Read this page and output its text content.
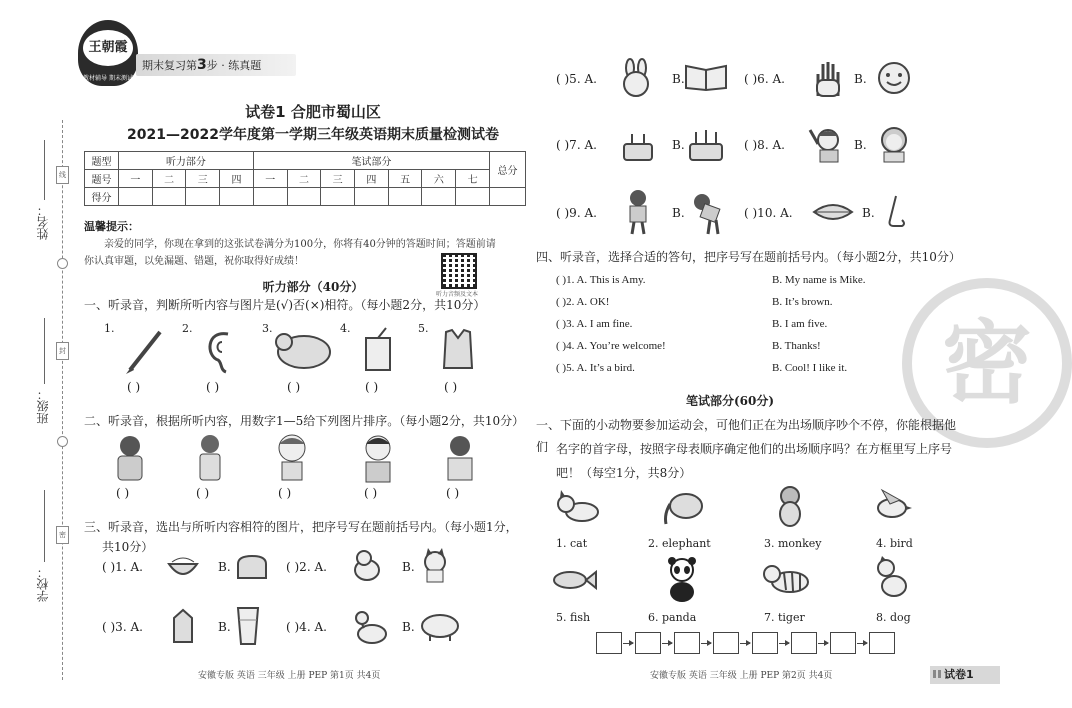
线
封
密
姓名：
班级：
学校：
王朝霞
教材辅导 期末测试
期末复习第3步 · 练真题
试卷1 合肥市蜀山区
2021—2022学年度第一学期三年级英语期末质量检测试卷
题型	听力部分				笔试部分							总分
题号	一	二	三	四	一	二	三	四	五	六	七	
得分												
温馨提示：
亲爱的同学，你现在拿到的这张试卷满分为100分，你将有40分钟的答题时间；答题前请你认真审题，以免漏题、错题，祝你取得好成绩！
听力音频及文本
听力部分（40分）
一、听录音，判断所听内容与图片是(√)否(×)相符。（每小题2分，共10分）
1.	2.	3.	4.	5.
( )	( )	( )	( )	( )
二、听录音，根据所听内容，用数字1—5给下列图片排序。（每小题2分，共10分）
( )	( )	( )	( )	( )
三、听录音，选出与所听内容相符的图片，把序号写在题前括号内。（每小题1分，
共10分）
( )1. A.	B.	( )2. A.	B.
( )3. A.	B.	( )4. A.	B.
( )5. A.	B.	( )6. A.	B.
( )7. A.	B.	( )8. A.	B.
( )9. A.	B.	( )10. A.	B.
四、听录音，选择合适的答句，把序号写在题前括号内。（每小题2分，共10分）
( )1. A. This is Amy.	B. My name is Mike.
( )2. A. OK!	B. It’s brown.
( )3. A. I am fine.	B. I am five.
( )4. A. You’re welcome!	B. Thanks!
( )5. A. It’s a bird.	B. Cool! I like it.	密
笔试部分(60分)
一、下面的小动物要参加运动会，可他们正在为出场顺序吵个不停，你能根据他们 名字的首字母，按照字母表顺序确定他们的出场顺序吗？在方框里写上序号
吧！（每空1分，共8分）
1. cat	2. elephant	3. monkey	4. bird
5. fish	6. panda	7. tiger	8. dog
安徽专版 英语 三年级 上册 PEP 第1页 共4页	安徽专版 英语 三年级 上册 PEP 第2页 共4页	试卷1
